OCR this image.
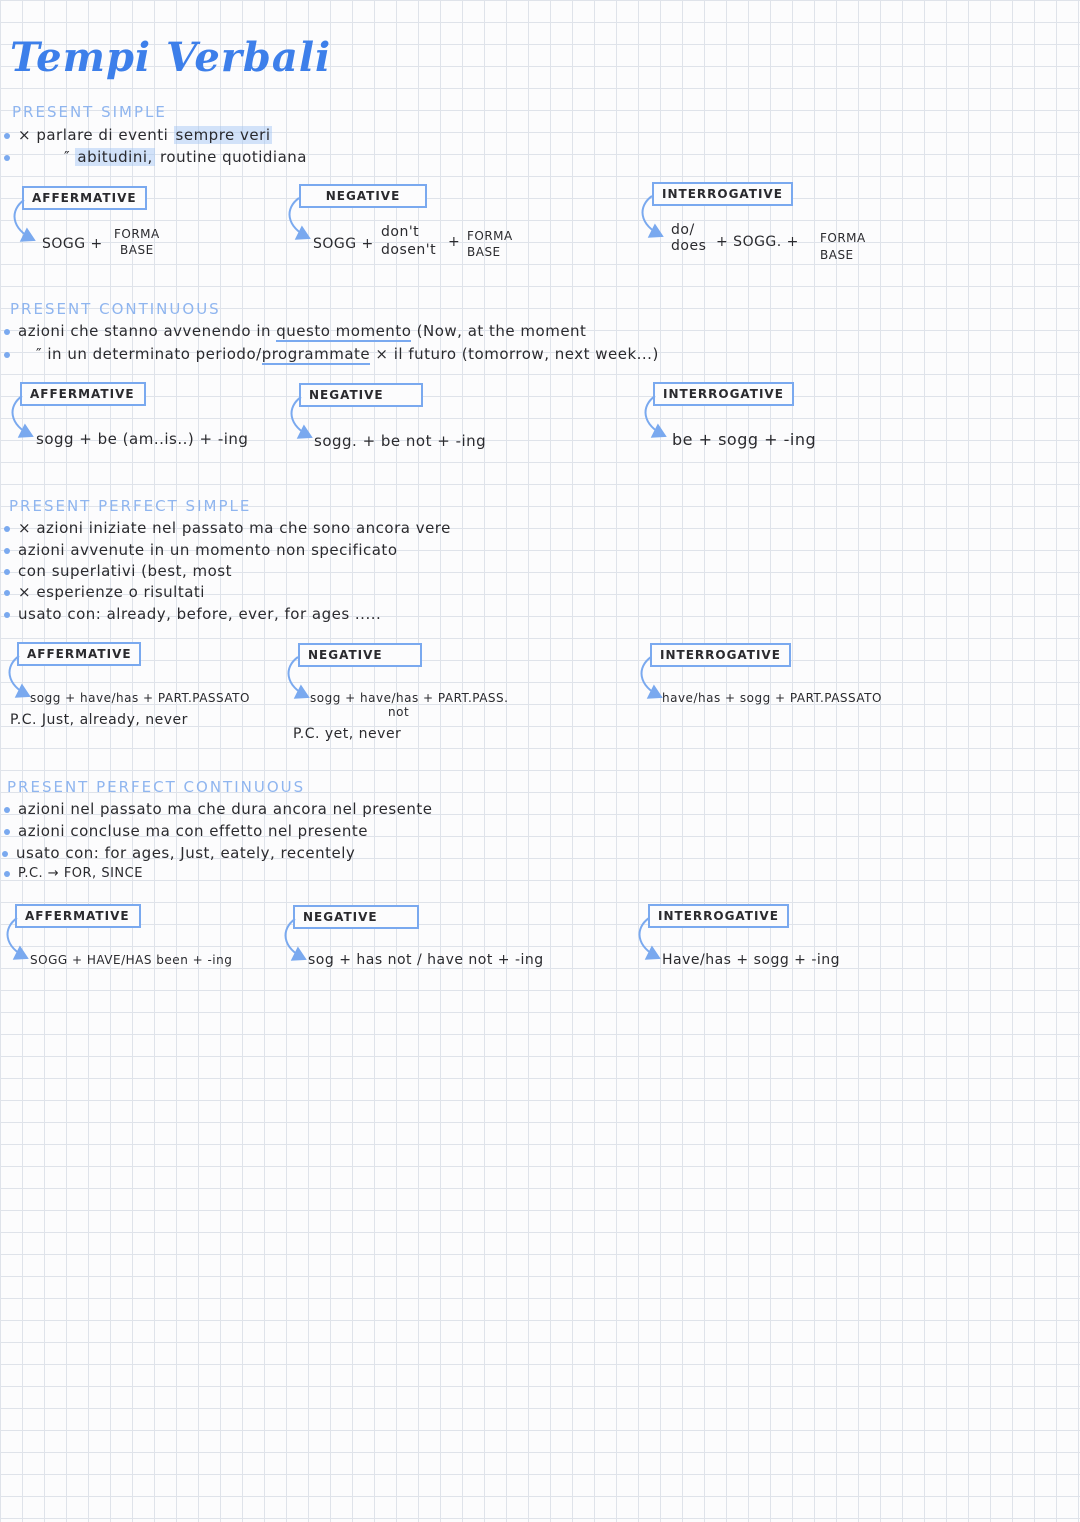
Tempi Verbali
PRESENT SIMPLE
× parlare di eventi sempre veri
″ abitudini, routine quotidiana
AFFERMATIVE
SOGG +
FORMA
BASE
NEGATIVE
SOGG +
don't
dosen't + FORMA
BASE
INTERROGATIVE
do/
does + SOGG. + FORMA
BASE
PRESENT CONTINUOUS
azioni che stanno avvenendo in questo momento (Now, at the moment
″ in un determinato periodo/programmate × il futuro (tomorrow, next week...)
AFFERMATIVE
sogg + be (am..is..) + -ing
NEGATIVE
sogg. + be not + -ing
INTERROGATIVE
be + sogg + -ing
PRESENT PERFECT SIMPLE
× azioni iniziate nel passato ma che sono ancora vere
azioni avvenute in un momento non specificato
con superlativi (best, most
× esperienze o risultati
usato con: already, before, ever, for ages .....
AFFERMATIVE
sogg + have/has + PART.PASSATO
P.C. Just, already, never
NEGATIVE
sogg + have/has + PART.PASS.
not
P.C. yet, never
INTERROGATIVE
have/has + sogg + PART.PASSATO
PRESENT PERFECT CONTINUOUS
azioni nel passato ma che dura ancora nel presente
azioni concluse ma con effetto nel presente
usato con: for ages, Just, eately, recentely
P.C. → FOR, SINCE
AFFERMATIVE
SOGG + HAVE/HAS been + -ing
NEGATIVE
sog + has not / have not + -ing
INTERROGATIVE
Have/has + sogg + -ing
